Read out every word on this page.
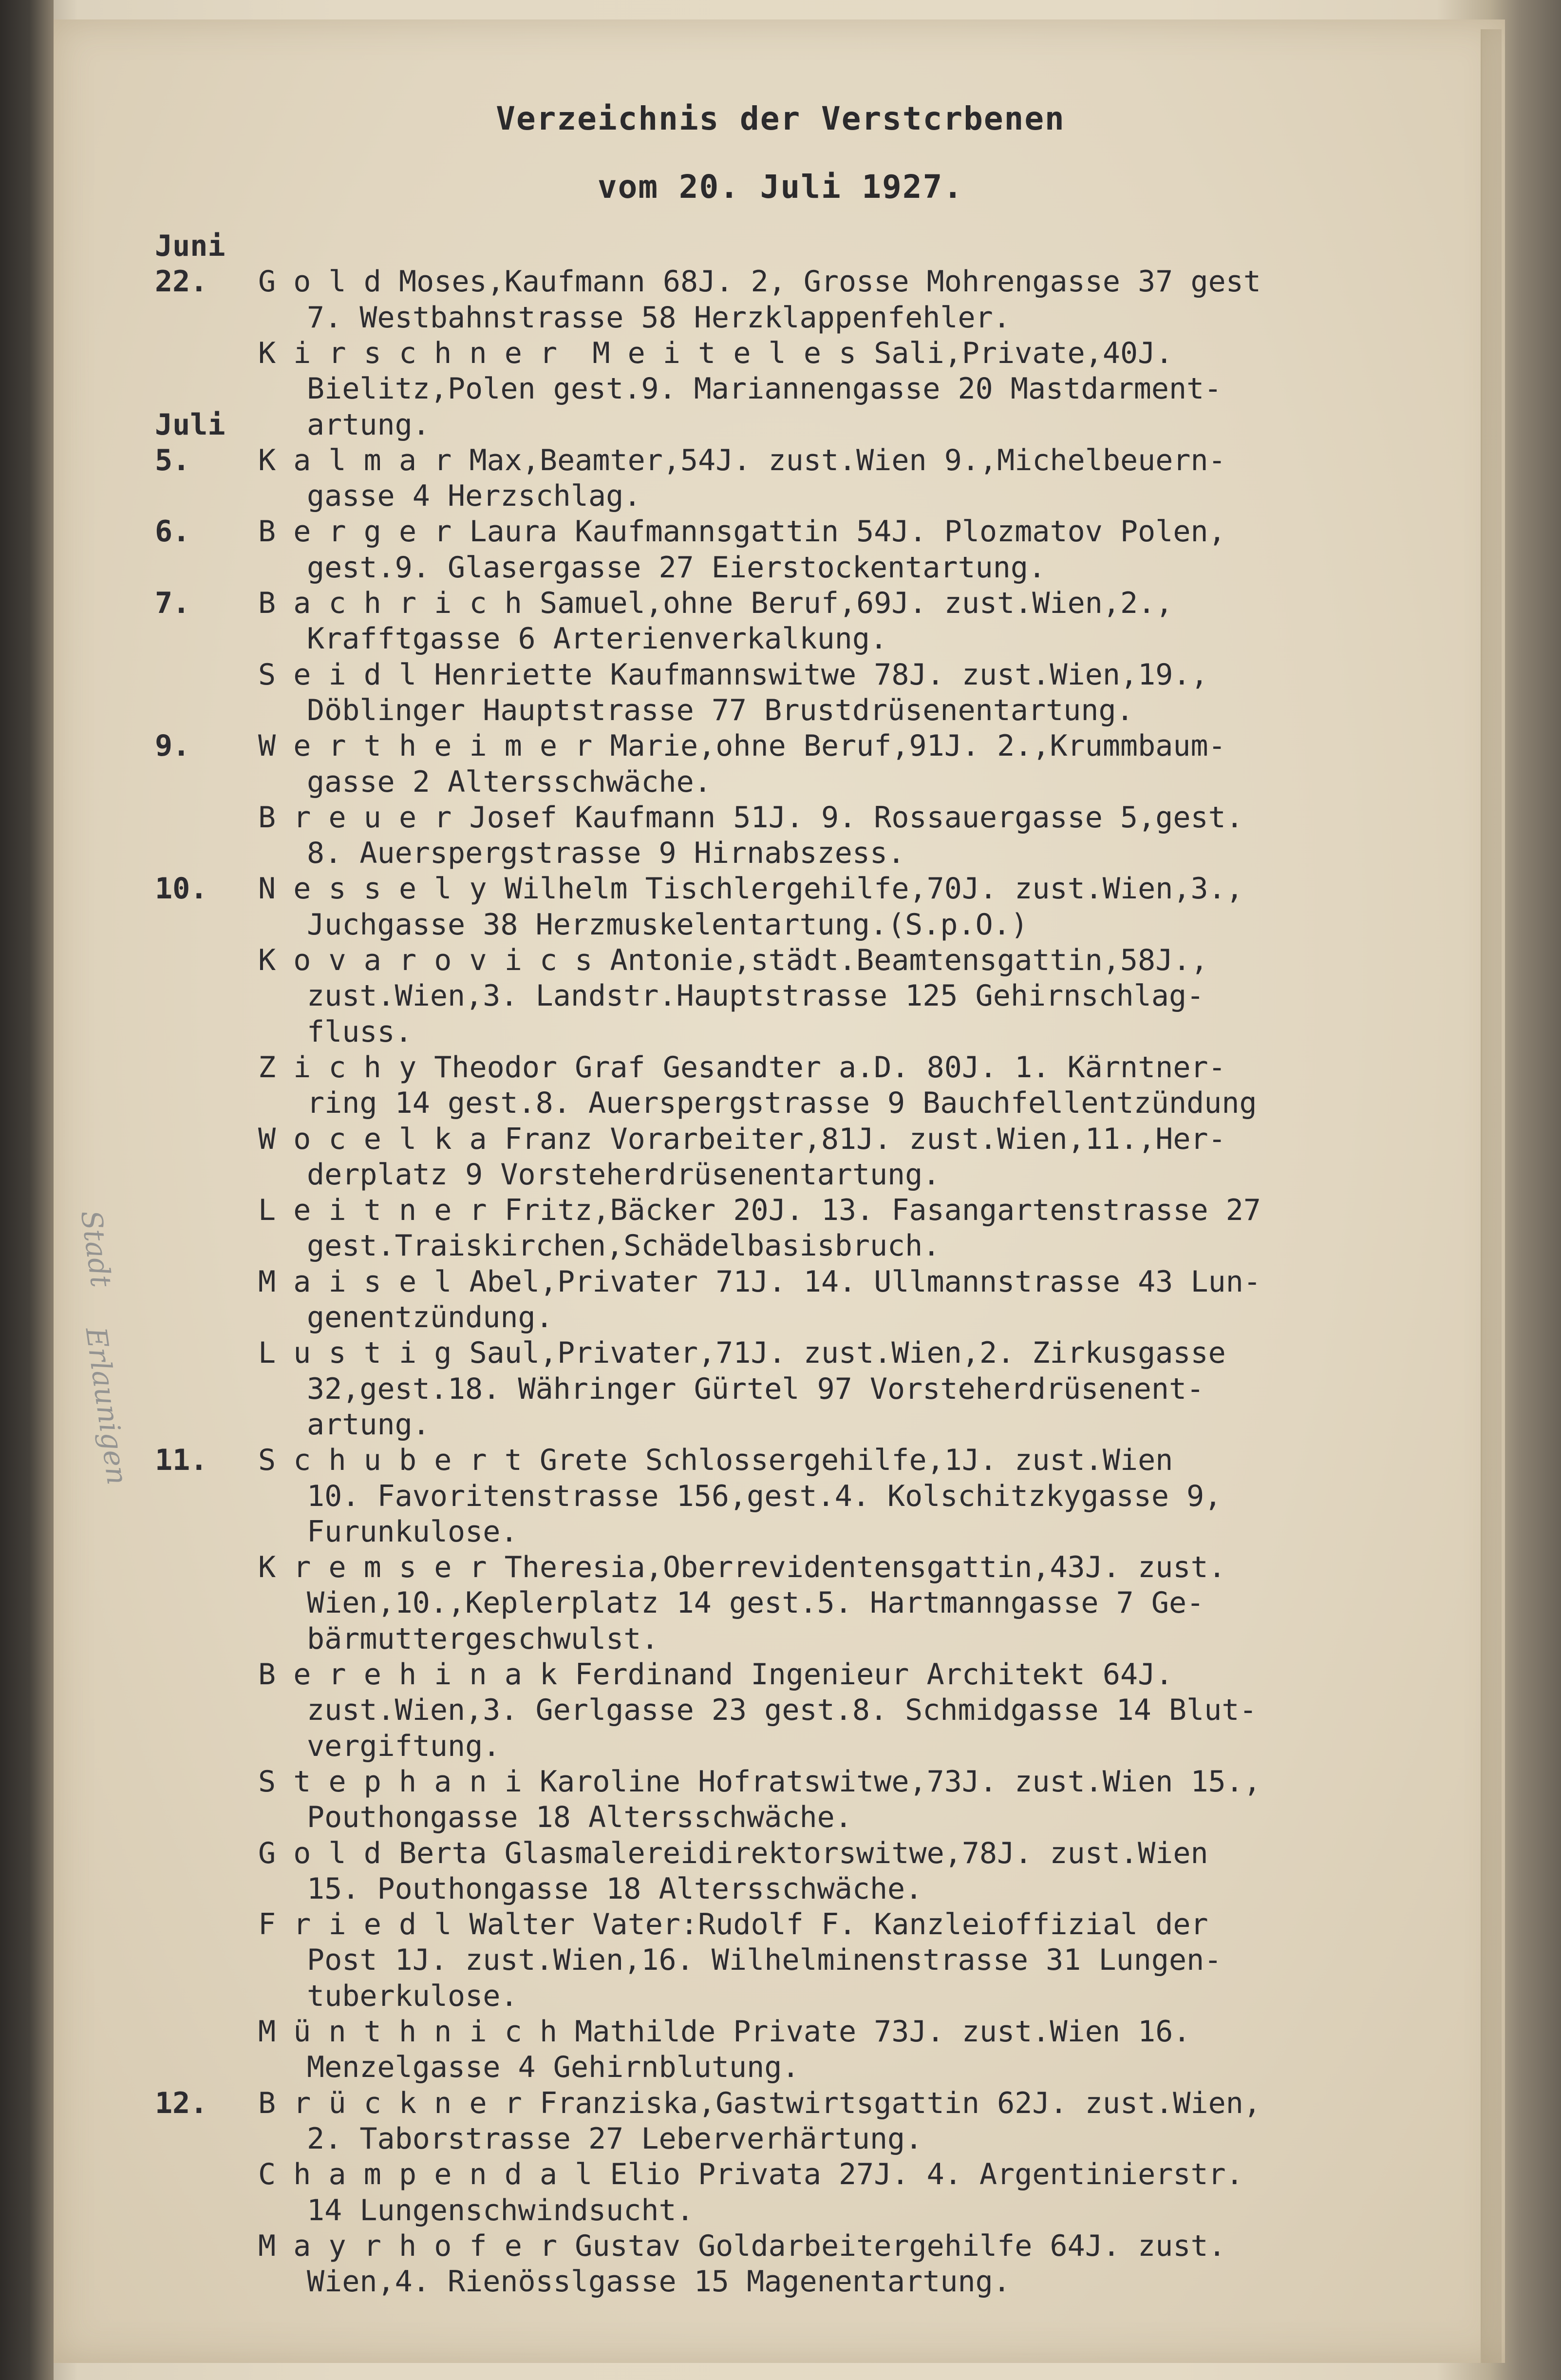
Verzeichnis der Verstcrbenen
vom 20. Juli 1927.
Juni
22. G o l d Moses,Kaufmann 68J. 2, Grosse Mohrengasse 37 gest
7. Westbahnstrasse 58 Herzklappenfehler.
K i r s c h n e r  M e i t e l e s Sali,Private,40J.
Bielitz,Polen gest.9. Mariannengasse 20 Mastdarment-
Juli	artung.
5. K a l m a r Max,Beamter,54J. zust.Wien 9.,Michelbeuern-
gasse 4 Herzschlag.
6. B e r g e r Laura Kaufmannsgattin 54J. Plozmatov Polen,
gest.9. Glasergasse 27 Eierstockentartung.
7. B a c h r i c h Samuel,ohne Beruf,69J. zust.Wien,2.,
Krafftgasse 6 Arterienverkalkung.
S e i d l Henriette Kaufmannswitwe 78J. zust.Wien,19.,
Döblinger Hauptstrasse 77 Brustdrüsenentartung.
9. W e r t h e i m e r Marie,ohne Beruf,91J. 2.,Krummbaum-
gasse 2 Altersschwäche.
B r e u e r Josef Kaufmann 51J. 9. Rossauergasse 5,gest.
8. Auerspergstrasse 9 Hirnabszess.
10. N e s s e l y Wilhelm Tischlergehilfe,70J. zust.Wien,3.,
Juchgasse 38 Herzmuskelentartung.(S.p.O.)
K o v a r o v i c s Antonie,städt.Beamtensgattin,58J.,
zust.Wien,3. Landstr.Hauptstrasse 125 Gehirnschlag-
fluss.
Z i c h y Theodor Graf Gesandter a.D. 80J. 1. Kärntner-
ring 14 gest.8. Auerspergstrasse 9 Bauchfellentzündung
W o c e l k a Franz Vorarbeiter,81J. zust.Wien,11.,Her-
derplatz 9 Vorsteherdrüsenentartung.
L e i t n e r Fritz,Bäcker 20J. 13. Fasangartenstrasse 27
gest.Traiskirchen,Schädelbasisbruch.
M a i s e l Abel,Privater 71J. 14. Ullmannstrasse 43 Lun-
genentzündung.
L u s t i g Saul,Privater,71J. zust.Wien,2. Zirkusgasse
32,gest.18. Währinger Gürtel 97 Vorsteherdrüsenent-
artung.
11. S c h u b e r t Grete Schlossergehilfe,1J. zust.Wien
10. Favoritenstrasse 156,gest.4. Kolschitzkygasse 9,
Furunkulose.
K r e m s e r Theresia,Oberrevidentensgattin,43J. zust.
Wien,10.,Keplerplatz 14 gest.5. Hartmanngasse 7 Ge-
bärmuttergeschwulst.
B e r e h i n a k Ferdinand Ingenieur Architekt 64J.
zust.Wien,3. Gerlgasse 23 gest.8. Schmidgasse 14 Blut-
vergiftung.
S t e p h a n i Karoline Hofratswitwe,73J. zust.Wien 15.,
Pouthongasse 18 Altersschwäche.
G o l d Berta Glasmalereidirektorswitwe,78J. zust.Wien
15. Pouthongasse 18 Altersschwäche.
F r i e d l Walter Vater:Rudolf F. Kanzleioffizial der
Post 1J. zust.Wien,16. Wilhelminenstrasse 31 Lungen-
tuberkulose.
M ü n t h n i c h Mathilde Private 73J. zust.Wien 16.
Menzelgasse 4 Gehirnblutung.
12. B r ü c k n e r Franziska,Gastwirtsgattin 62J. zust.Wien,
2. Taborstrasse 27 Leberverhärtung.
C h a m p e n d a l Elio Privata 27J. 4. Argentinierstr.
14 Lungenschwindsucht.
M a y r h o f e r Gustav Goldarbeitergehilfe 64J. zust.
Wien,4. Rienösslgasse 15 Magenentartung.
Stadt
Erlaunigen
